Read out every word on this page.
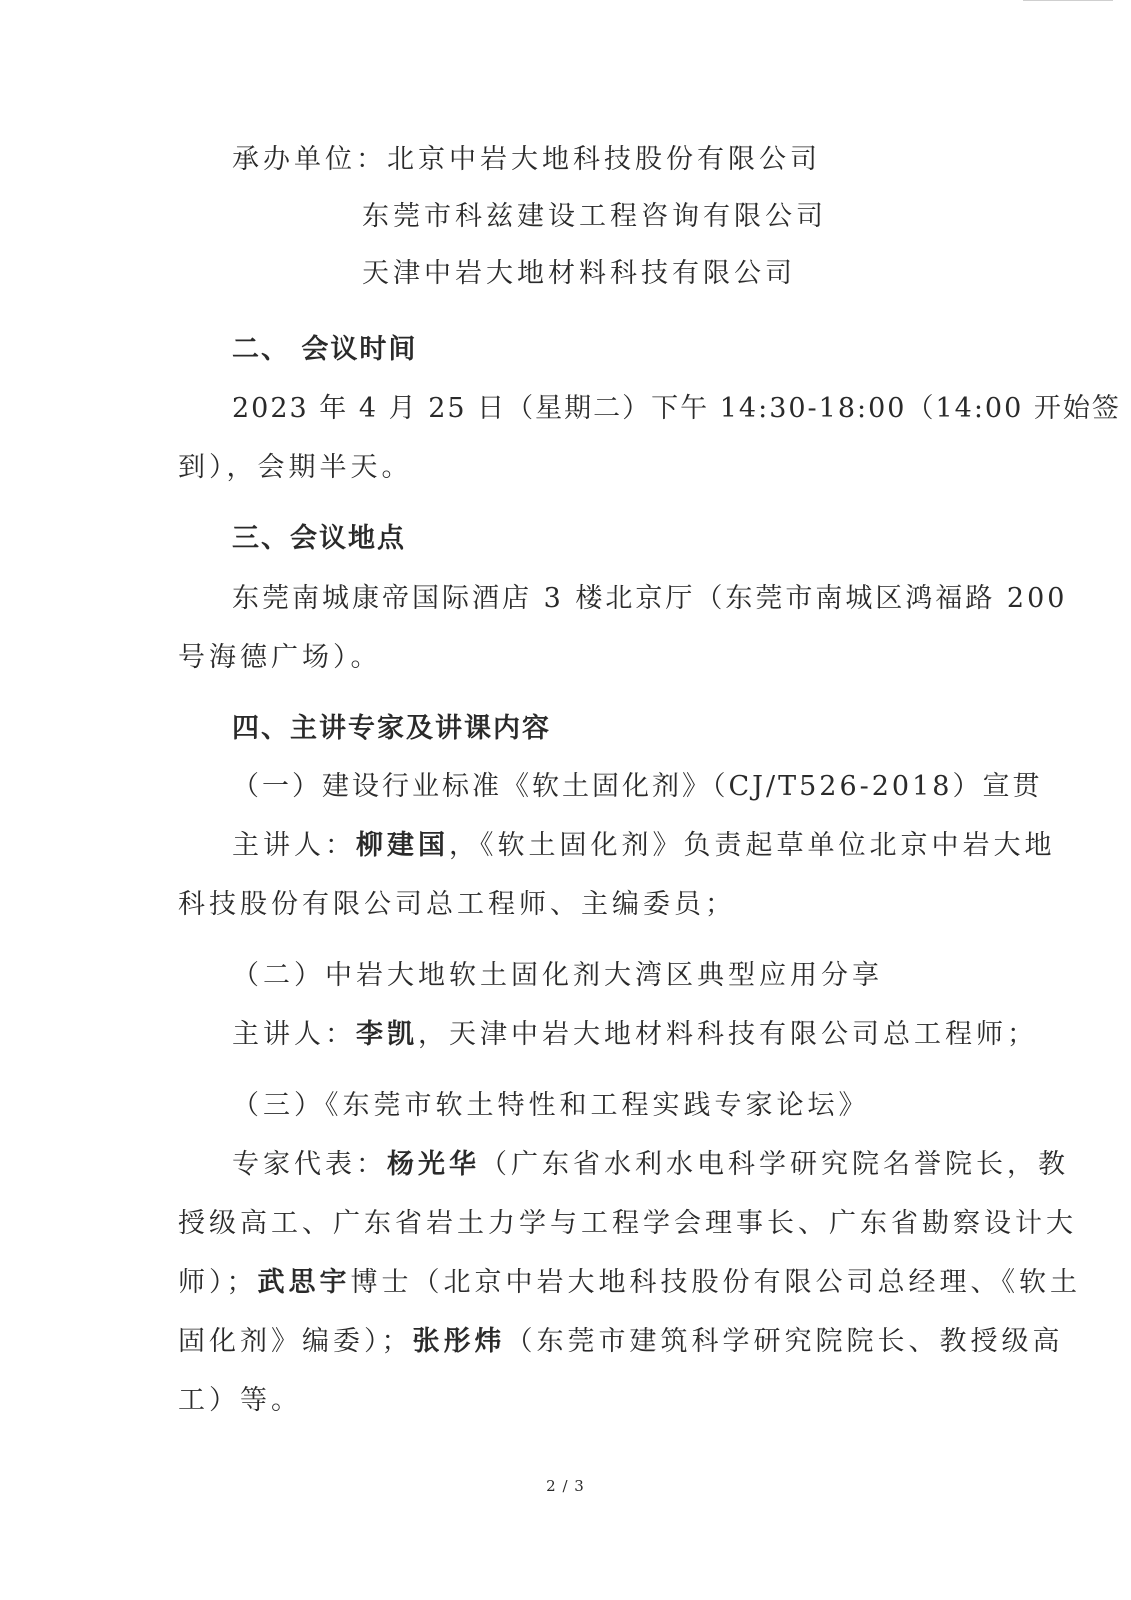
承办单位：北京中岩大地科技股份有限公司
东莞市科兹建设工程咨询有限公司
天津中岩大地材料科技有限公司
二、 会议时间
2023 年 4 月 25 日（星期二）下午 14:30-18:00（14:00 开始签
到），会期半天。
三、会议地点
东莞南城康帝国际酒店 3 楼北京厅（东莞市南城区鸿福路 200
号海德广场）。
四、主讲专家及讲课内容
（一）建设行业标准《软土固化剂》（CJ/T526-2018）宣贯
主讲人：柳建国，《软土固化剂》负责起草单位北京中岩大地
科技股份有限公司总工程师、主编委员；
（二）中岩大地软土固化剂大湾区典型应用分享
主讲人：李凯，天津中岩大地材料科技有限公司总工程师；
（三）《东莞市软土特性和工程实践专家论坛》
专家代表：杨光华（广东省水利水电科学研究院名誉院长，教
授级高工、广东省岩土力学与工程学会理事长、广东省勘察设计大
师）；武思宇博士（北京中岩大地科技股份有限公司总经理、《软土
固化剂》编委）；张彤炜（东莞市建筑科学研究院院长、教授级高
工）等。
2 / 3
